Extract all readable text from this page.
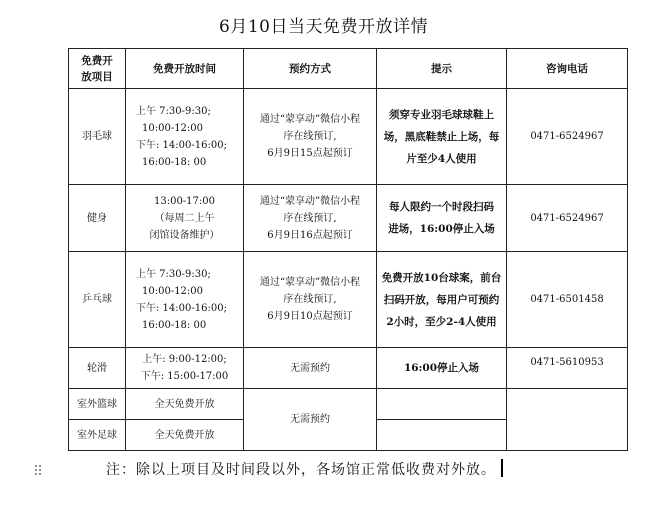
6月10日当天免费开放详情
免费开放项目	免费开放时间	预约方式	提示	咨询电话
羽毛球	上午 7:30-9:30;
10:00-12:00
下午: 14:00-16:00;
16:00-18: 00	通过“蒙享动”微信小程
序在线预订,
6月9日15点起预订	须穿专业羽毛球球鞋上
场，黑底鞋禁止上场，每
片至少4人使用	0471-6524967
健身	13:00-17:00
（每周二上午
闭馆设备维护）	通过“蒙享动”微信小程
序在线预订,
6月9日16点起预订	每人限约一个时段扫码
进场，16:00停止入场	0471-6524967
乒乓球	上午 7:30-9:30;
10:00-12:00
下午: 14:00-16:00;
16:00-18: 00	通过“蒙享动”微信小程
序在线预订,
6月9日10点起预订	免费开放10台球案，前台
扫码开放，每用户可预约
2小时，至少2-4人使用	0471-6501458
轮滑	上午: 9:00-12:00;
下午: 15:00-17:00	无需预约	16:00停止入场	0471-5610953
室外篮球	全天免费开放	无需预约		
室外足球	全天免费开放			
注：除以上项目及时间段以外，各场馆正常低收费对外放。
